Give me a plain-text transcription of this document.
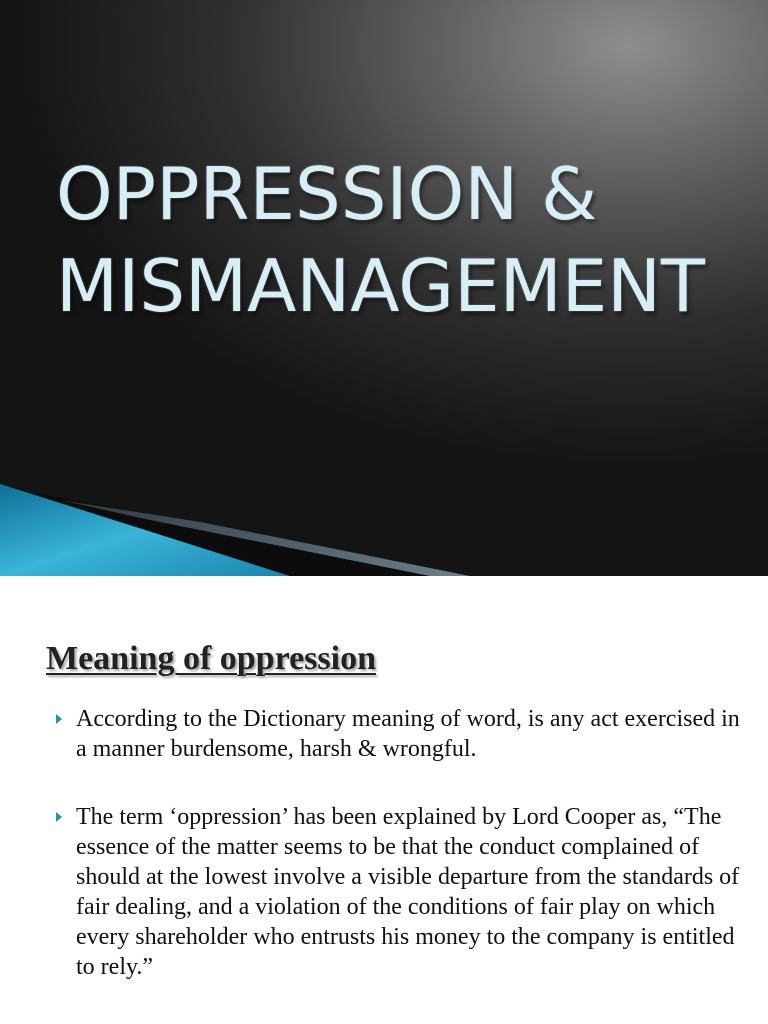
OPPRESSION &
MISMANAGEMENT
Meaning of oppression
According to the Dictionary meaning of word, is any act exercised in a manner burdensome, harsh & wrongful.
The term ‘oppression’ has been explained by Lord Cooper as, “The essence of the matter seems to be that the conduct complained of should at the lowest involve a visible departure from the standards of fair dealing, and a violation of the conditions of fair play on which every shareholder who entrusts his money to the company is entitled to rely.”
